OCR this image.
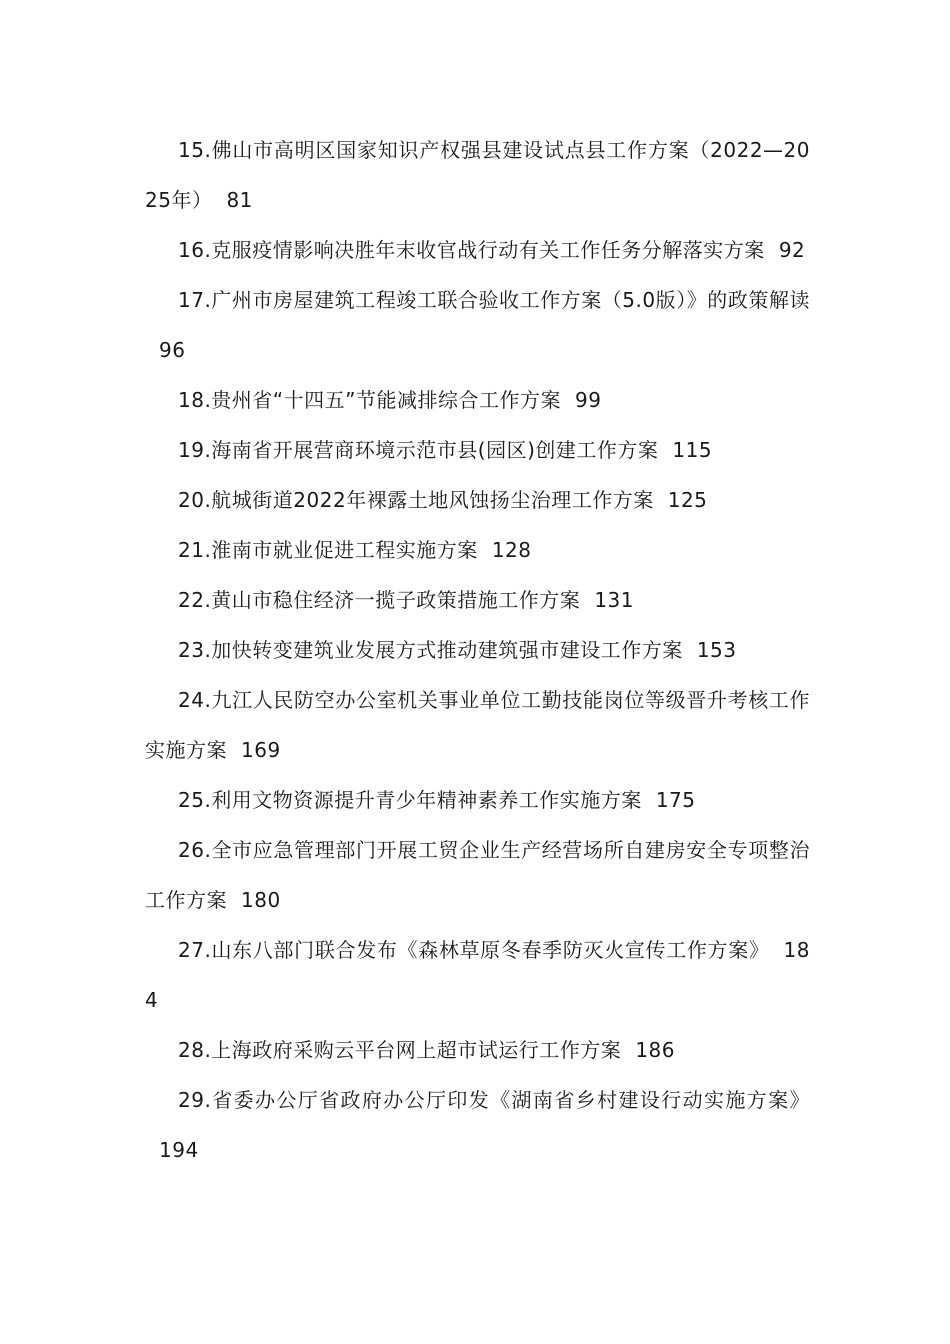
15.佛山市高明区国家知识产权强县建设试点县工作方案（2022—2025年） 81

16.克服疫情影响决胜年末收官战行动有关工作任务分解落实方案 92

17.广州市房屋建筑工程竣工联合验收工作方案（5.0版）》的政策解读96

18.贵州省“十四五”节能减排综合工作方案 99

19.海南省开展营商环境示范市县(园区)创建工作方案 115

20.航城街道2022年裸露土地风蚀扬尘治理工作方案 125

21.淮南市就业促进工程实施方案 128

22.黄山市稳住经济一揽子政策措施工作方案 131

23.加快转变建筑业发展方式推动建筑强市建设工作方案 153

24.九江人民防空办公室机关事业单位工勤技能岗位等级晋升考核工作实施方案 169

25.利用文物资源提升青少年精神素养工作实施方案 175

26.全市应急管理部门开展工贸企业生产经营场所自建房安全专项整治工作方案 180

27.山东八部门联合发布《森林草原冬春季防灭火宣传工作方案》 184

28.上海政府采购云平台网上超市试运行工作方案 186

29.省委办公厅省政府办公厅印发《湖南省乡村建设行动实施方案》194
